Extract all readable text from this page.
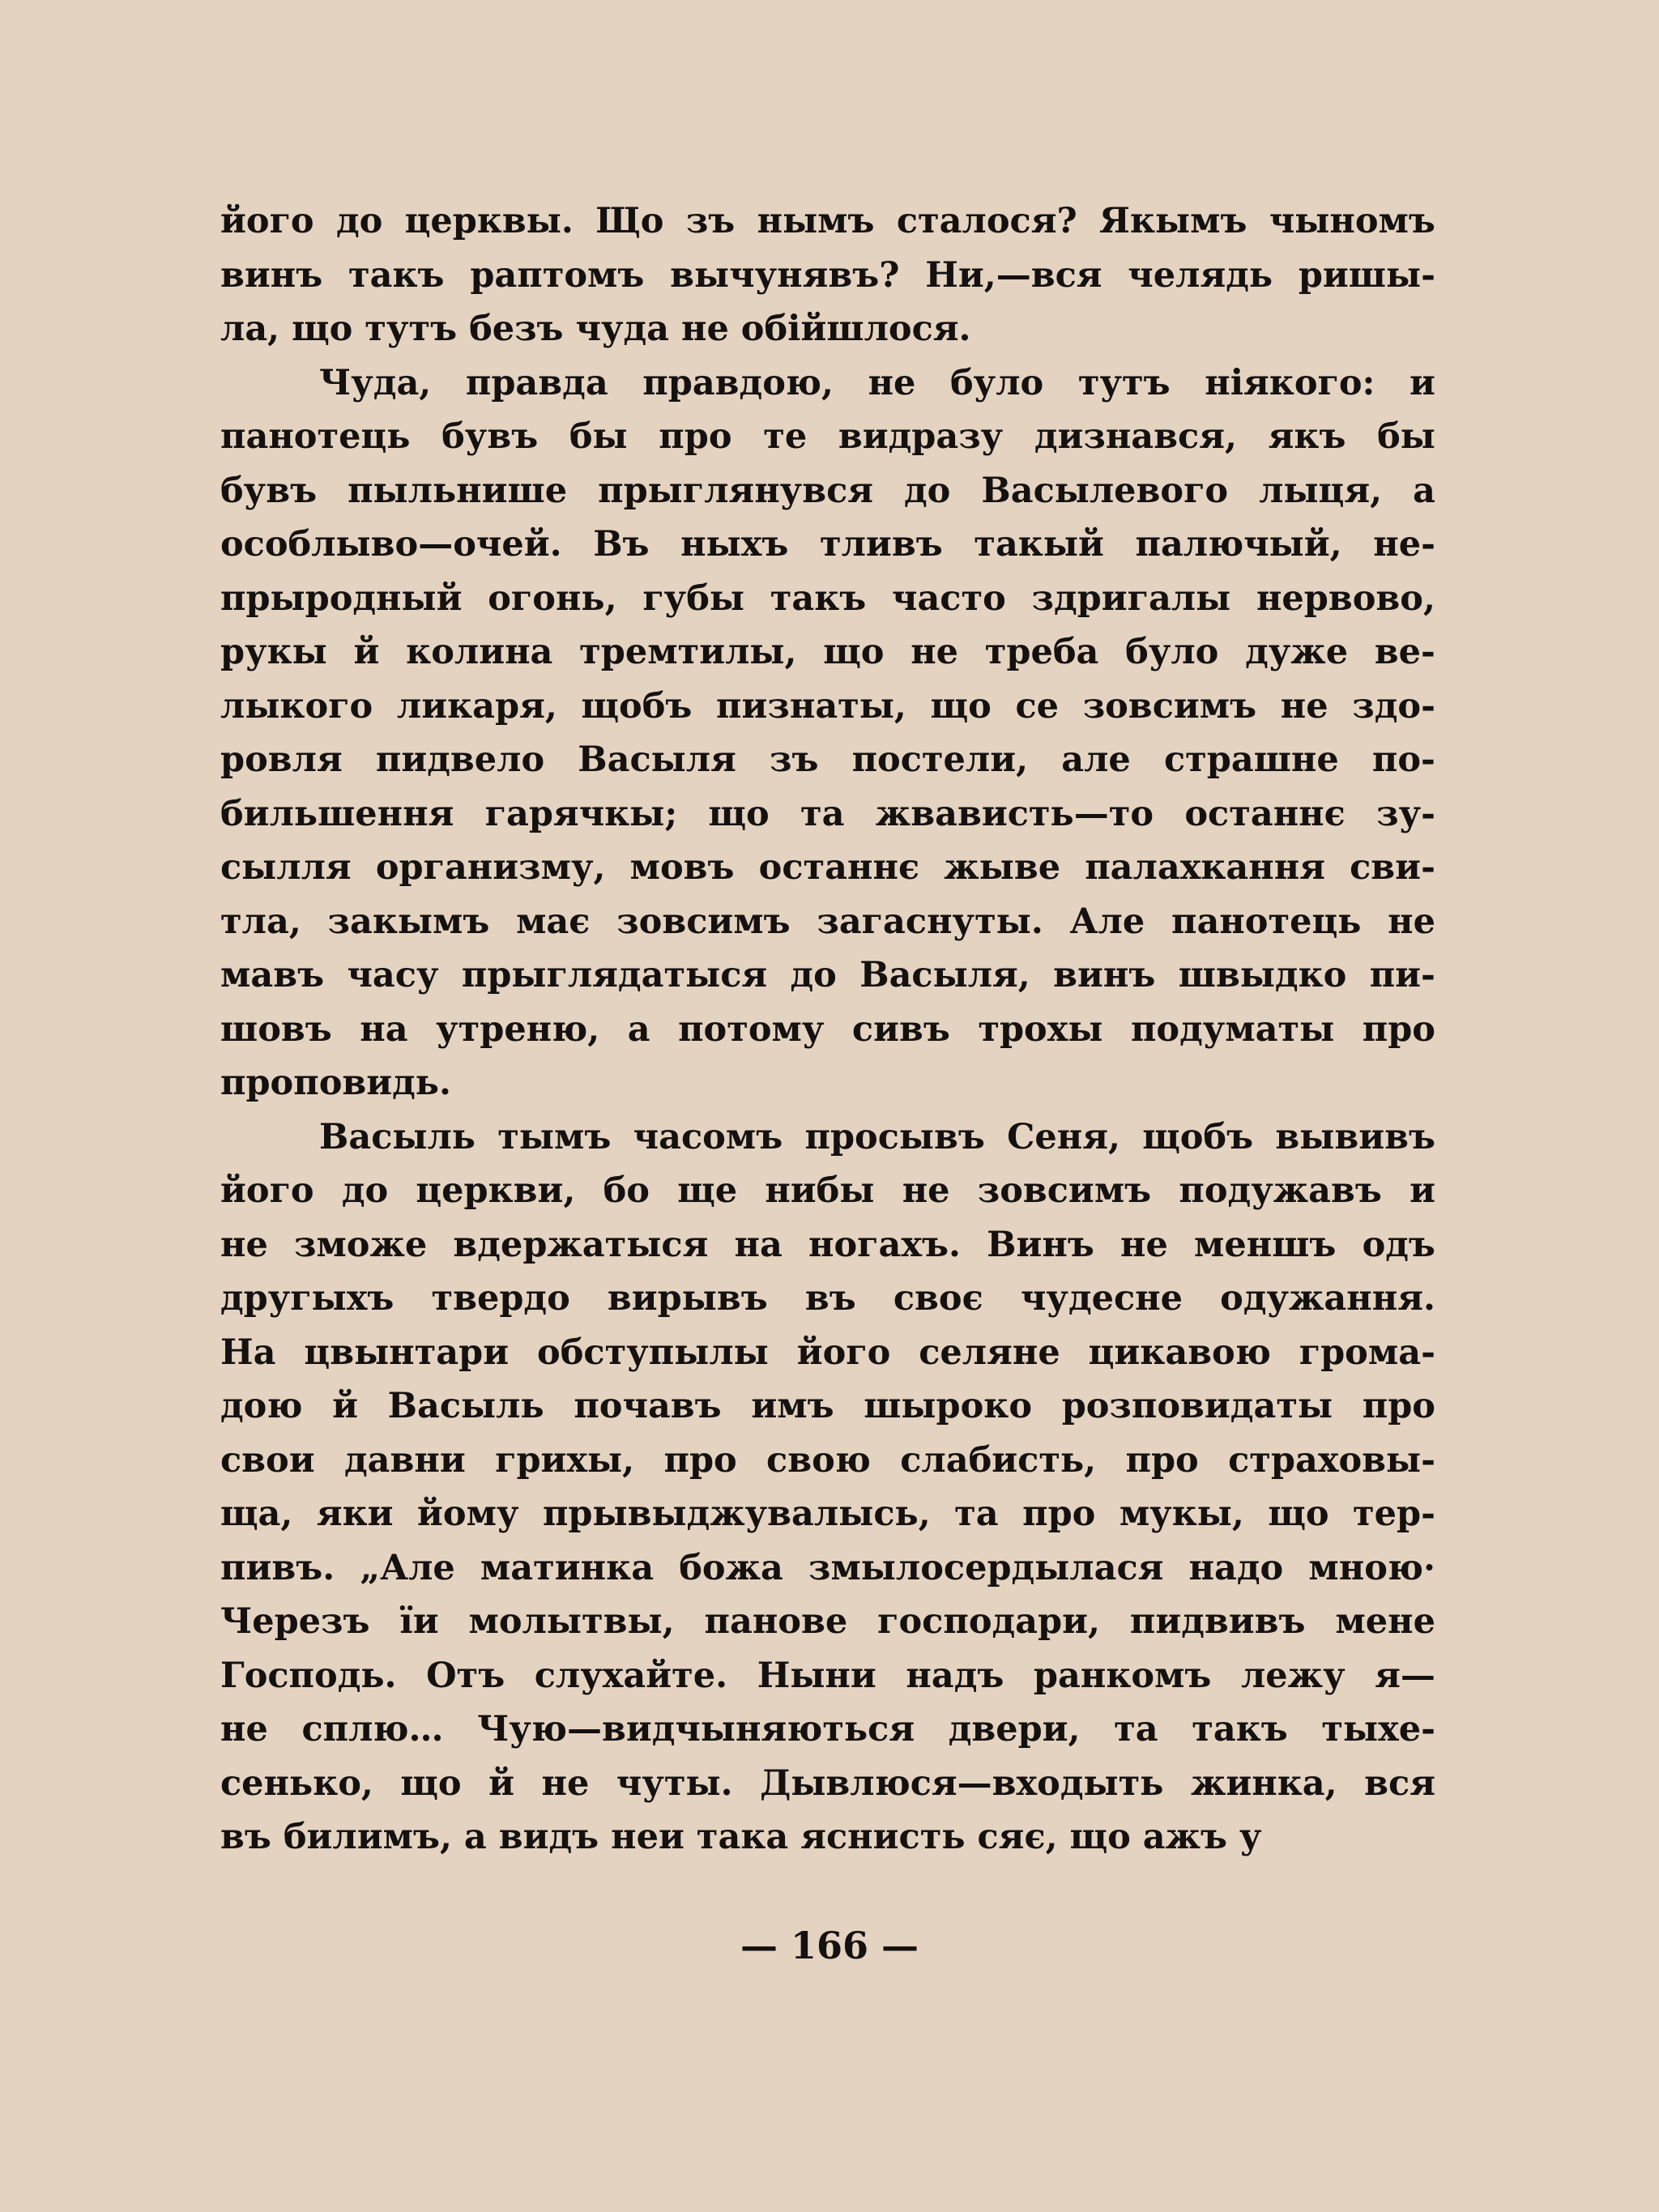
його до церквы. Що зъ нымъ сталося? Якымъ чыномъ
винъ такъ раптомъ вычунявъ? Ни,—вся челядь ришы-
ла, що тутъ безъ чуда не обійшлося.
Чуда, правда правдою, не було тутъ ніякого: и
панотець бувъ бы про те видразу дизнався, якъ бы
бувъ пыльнише прыглянувся до Васылевого лыця, а
особлыво—очей. Въ ныхъ тливъ такый палючый, не-
прыродный огонь, губы такъ часто здригалы нервово,
рукы й колина тремтилы, що не треба було дуже ве-
лыкого ликаря, щобъ пизнаты, що се зовсимъ не здо-
ровля пидвело Васыля зъ постели, але страшне по-
бильшення гарячкы; що та жвависть—то останнє зу-
сылля организму, мовъ останнє жыве палахкання сви-
тла, закымъ має зовсимъ загаснуты. Але панотець не
мавъ часу прыглядатыся до Васыля, винъ швыдко пи-
шовъ на утреню, а потому сивъ трохы подуматы про
проповидь.
Васыль тымъ часомъ просывъ Сеня, щобъ вывивъ
його до церкви, бо ще нибы не зовсимъ подужавъ и
не зможе вдержатыся на ногахъ. Винъ не меншъ одъ
другыхъ твердо вирывъ въ своє чудесне одужання.
На цвынтари обступылы його селяне цикавою грома-
дою й Васыль почавъ имъ шыроко розповидаты про
свои давни грихы, про свою слабисть, про страховы-
ща, яки йому прывыджувалысь, та про мукы, що тер-
пивъ. „Але матинка божа змылосердылася надо мною·
Черезъ ïи молытвы, панове господари, пидвивъ мене
Господь. Отъ слухайте. Ныни надъ ранкомъ лежу я—
не сплю… Чую—видчыняються двери, та такъ тыхе-
сенько, що й не чуты. Дывлюся—входыть жинка, вся
въ билимъ, а видъ неи така яснисть сяє, що ажъ у
— 166 —
